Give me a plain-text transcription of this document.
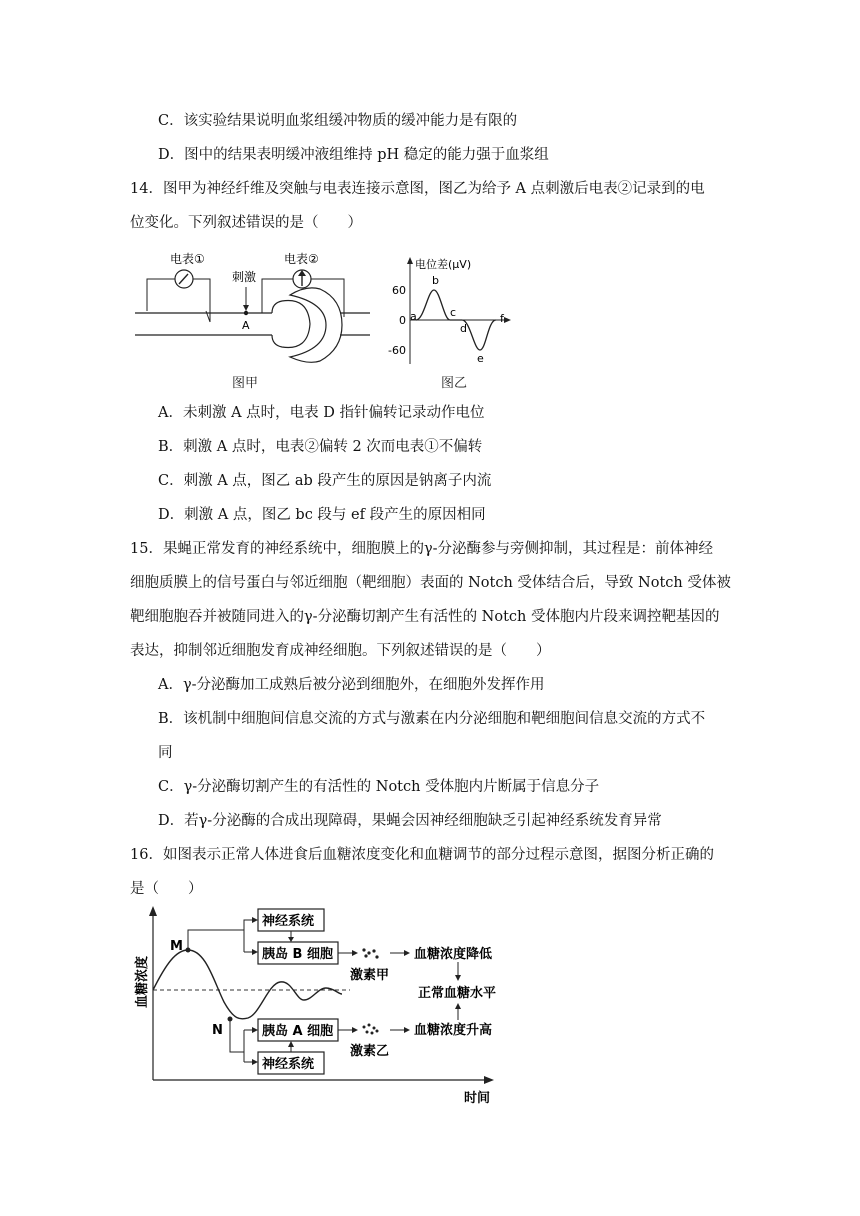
C．该实验结果说明血浆组缓冲物质的缓冲能力是有限的
D．图中的结果表明缓冲液组维持 pH 稳定的能力强于血浆组
14．图甲为神经纤维及突触与电表连接示意图，图乙为给予 A 点刺激后电表②记录到的电
位变化。下列叙述错误的是（　　）
电表①
刺激
A
电表②
图甲
电位差(μV)
60
0
-60
a
b
c
d
e
f
图乙
A．未刺激 A 点时，电表 D 指针偏转记录动作电位
B．刺激 A 点时，电表②偏转 2 次而电表①不偏转
C．刺激 A 点，图乙 ab 段产生的原因是钠离子内流
D．刺激 A 点，图乙 bc 段与 ef 段产生的原因相同
15．果蝇正常发育的神经系统中，细胞膜上的γ-分泌酶参与旁侧抑制，其过程是：前体神经
细胞质膜上的信号蛋白与邻近细胞（靶细胞）表面的 Notch 受体结合后，导致 Notch 受体被
靶细胞胞吞并被随同进入的γ-分泌酶切割产生有活性的 Notch 受体胞内片段来调控靶基因的
表达，抑制邻近细胞发育成神经细胞。下列叙述错误的是（　　）
A．γ-分泌酶加工成熟后被分泌到细胞外，在细胞外发挥作用
B．该机制中细胞间信息交流的方式与激素在内分泌细胞和靶细胞间信息交流的方式不
同
C．γ-分泌酶切割产生的有活性的 Notch 受体胞内片断属于信息分子
D．若γ-分泌酶的合成出现障碍，果蝇会因神经细胞缺乏引起神经系统发育异常
16．如图表示正常人体进食后血糖浓度变化和血糖调节的部分过程示意图，据图分析正确的
是（　　）
血糖浓度
时间
M
N
神经系统
胰岛 B 细胞
激素甲
血糖浓度降低
正常血糖水平
血糖浓度升高
胰岛 A 细胞
激素乙
神经系统
